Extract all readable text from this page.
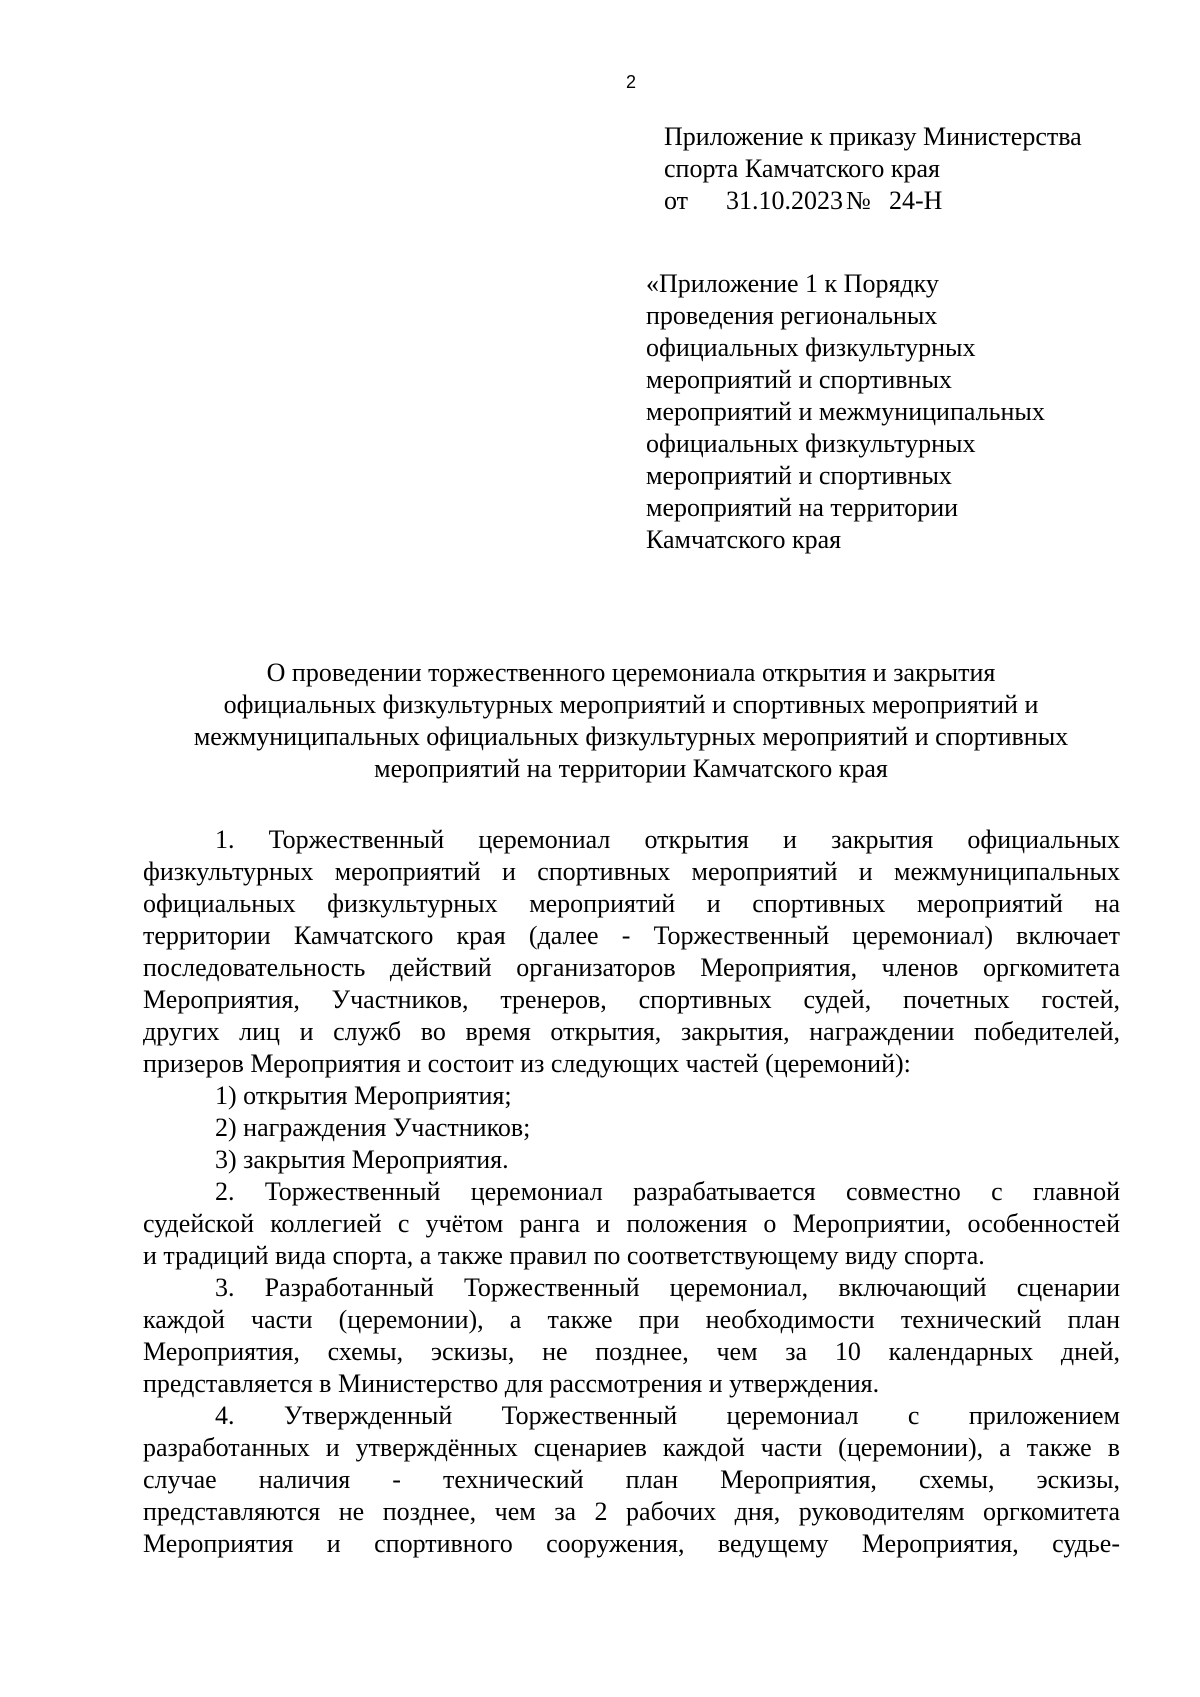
2
Приложение к приказу Министерства
спорта Камчатского края
от 31.10.2023 № 24-Н
«Приложение 1 к Порядку
проведения региональных
официальных физкультурных
мероприятий и спортивных
мероприятий и межмуниципальных
официальных физкультурных
мероприятий и спортивных
мероприятий на территории
Камчатского края
О проведении торжественного церемониала открытия и закрытия
официальных физкультурных мероприятий и спортивных мероприятий и
межмуниципальных официальных физкультурных мероприятий и спортивных
мероприятий на территории Камчатского края
1. Торжественный церемониал открытия и закрытия официальных
физкультурных мероприятий и спортивных мероприятий и межмуниципальных
официальных физкультурных мероприятий и спортивных мероприятий на
территории Камчатского края (далее - Торжественный церемониал) включает
последовательность действий организаторов Мероприятия, членов оргкомитета
Мероприятия, Участников, тренеров, спортивных судей, почетных гостей,
других лиц и служб во время открытия, закрытия, награждении победителей,
призеров Мероприятия и состоит из следующих частей (церемоний):
1) открытия Мероприятия;
2) награждения Участников;
3) закрытия Мероприятия.
2. Торжественный церемониал разрабатывается совместно с главной
судейской коллегией с учётом ранга и положения о Мероприятии, особенностей
и традиций вида спорта, а также правил по соответствующему виду спорта.
3. Разработанный Торжественный церемониал, включающий сценарии
каждой части (церемонии), а также при необходимости технический план
Мероприятия, схемы, эскизы, не позднее, чем за 10 календарных дней,
представляется в Министерство для рассмотрения и утверждения.
4. Утвержденный Торжественный церемониал с приложением
разработанных и утверждённых сценариев каждой части (церемонии), а также в
случае наличия - технический план Мероприятия, схемы, эскизы,
представляются не позднее, чем за 2 рабочих дня, руководителям оргкомитета
Мероприятия и спортивного сооружения, ведущему Мероприятия, судье-
